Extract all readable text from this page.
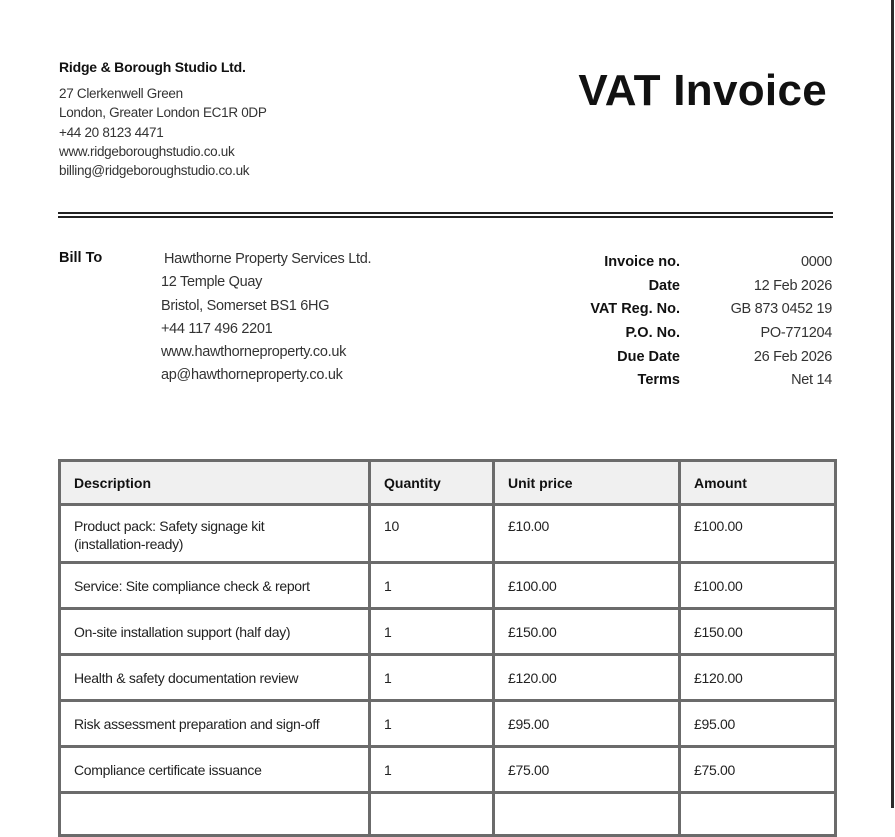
Ridge & Borough Studio Ltd.
27 Clerkenwell Green
London, Greater London EC1R 0DP
+44 20 8123 4471
www.ridgeboroughstudio.co.uk
billing@ridgeboroughstudio.co.uk
VAT Invoice
Bill To	Hawthorne Property Services Ltd.
12 Temple Quay
Bristol, Somerset BS1 6HG
+44 117 496 2201
www.hawthorneproperty.co.uk
ap@hawthorneproperty.co.uk
Invoice no.	0000
Date	12 Feb 2026
VAT Reg. No.	GB 873 0452 19
P.O. No.	PO-771204
Due Date	26 Feb 2026
Terms	Net 14
Description	Quantity	Unit price	Amount

Product pack: Safety signage kit
(installation-ready)	10	£10.00	£100.00
Service: Site compliance check & report	1	£100.00	£100.00
On-site installation support (half day)	1	£150.00	£150.00
Health & safety documentation review	1	£120.00	£120.00
Risk assessment preparation and sign-off	1	£95.00	£95.00
Compliance certificate issuance	1	£75.00	£75.00
